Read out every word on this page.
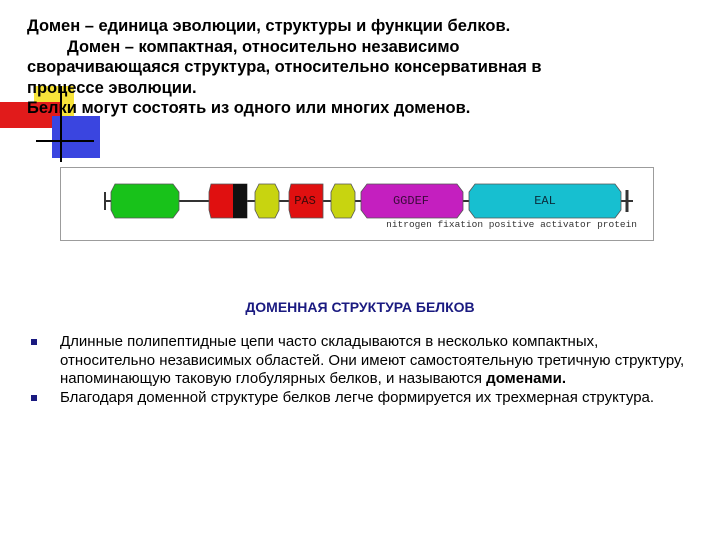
Домен – единица эволюции, структуры и функции белков.

Домен – компактная, относительно независимо

сворачивающаяся структура, относительно консервативная в

процессе эволюции.

Белки могут состоять из одного или многих доменов.

PAS	GGDEF	EAL
nitrogen fixation positive activator protein
ДОМЕННАЯ СТРУКТУРА БЕЛКОВ
Длинные полипептидные цепи часто складываются в несколько компактных, относительно независимых областей. Они имеют самостоятельную третичную структуру, напоминающую таковую глобулярных белков, и называются доменами.
Благодаря доменной структуре белков легче формируется их трехмерная структура.
